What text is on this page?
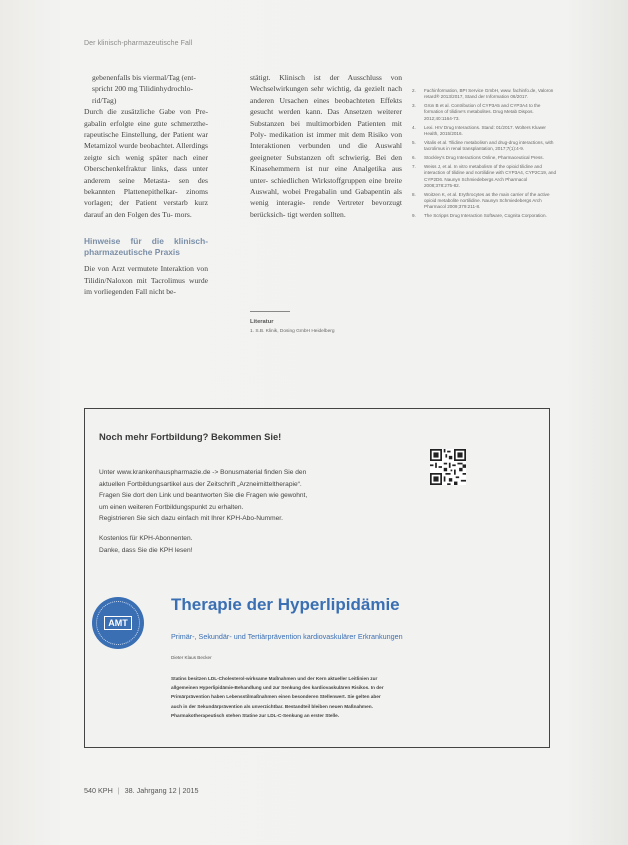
Der klinisch-pharmazeutische Fall

gebenenfalls bis viermal/Tag (ent-

spricht 200 mg Tilidinhydrochlo-

rid/Tag)

Durch die zusätzliche Gabe von Pre- gabalin erfolgte eine gute schmerzthe- rapeutische Einstellung, der Patient war Metamizol wurde beobachtet. Allerdings zeigte sich wenig später nach einer Oberschenkelfraktur links, dass unter anderem seine Metasta- sen des bekannten Plattenepithelkar- zinoms vorlagen; der Patient verstarb kurz darauf an den Folgen des Tu- mors.

Hinweise für die klinisch-pharmazeutische Praxis

Die von Arzt vermutete Interaktion von Tilidin/Naloxon mit Tacrolimus wurde im vorliegenden Fall nicht be-

stätigt. Klinisch ist der Ausschluss von Wechselwirkungen sehr wichtig, da gezielt nach anderen Ursachen eines beobachteten Effekts gesucht werden kann. Das Ansetzen weiterer Substanzen bei multimorbiden Patienten mit Poly- medikation ist immer mit dem Risiko von Interaktionen verbunden und die Auswahl geeigneter Substanzen oft schwierig. Bei den Kinasehemmern ist nur eine Analgetika aus unter- schiedlichen Wirkstoffgruppen eine breite Auswahl, wobei Pregabalin und Gabapentin als wenig interagie- rende Vertreter bevorzugt berücksich- tigt werden sollten.

Literatur
1. S.B. Klinik, Dosing GmbH Heidelberg
2.	Fachinformation, BPI Service GmbH, www. fachinfo.de, Valoron retard® 2013/2017, Stand der Information 06/2017.
3.	Grün B et al. Contribution of CYP3A5 and CYP3A4 to the formation of tilidine's metabolites. Drug Metab Dispos. 2012;40:1164-73.
4.	Lexi. HIV Drug Interactions. Stand: 01/2017. Wolters Kluwer Health, 2015/2016.
5.	Vitalis et al. Tilidine metabolism and drug-drug interactions, with tacrolimus in renal transplantation, 2017;7(1):4-9.
6.	Stockley's Drug Interactions Online, Pharmaceutical Press.
7.	Weiss J, et al. In vitro metabolism of the opioid tilidine and interaction of tilidine and nortilidine with CYP3A4, CYP2C19, and CYP2D6. Naunyn Schmiedebergs Arch Pharmacol 2008;378:275-82.
8.	Woitzen K, et al. Erythrocytes as the main carrier of the active opioid metabolite nortilidine. Naunyn Schmiedebergs Arch Pharmacol 2009;379:211-8.
9.	The Scripps Drug Interaction Software, Cognita Corporation.
Noch mehr Fortbildung? Bekommen Sie!

Unter www.krankenhauspharmazie.de -> Bonusmaterial finden Sie den

aktuellen Fortbildungsartikel aus der Zeitschrift „Arzneimitteltherapie“.

Fragen Sie dort den Link und beantworten Sie die Fragen wie gewohnt,

um einen weiteren Fortbildungspunkt zu erhalten.

Registrieren Sie sich dazu einfach mit Ihrer KPH-Abo-Nummer.

Kostenlos für KPH-Abonnenten.

Danke, dass Sie die KPH lesen!

AMT
Therapie der Hyperlipidämie
Primär-, Sekundär- und Tertiärprävention kardiovaskulärer Erkrankungen
Dieter Klaus Becker
Statins besitzen LDL-Cholesterol-wirksame Maßnahmen und der Kern aktueller Leitlinien zur
allgemeinen Hyperlipidämie-Behandlung und zur Senkung des kardiovaskulären Risikos. In der
Primärprävention haben Lebensstilmaßnahmen einen besonderen Stellenwert. Sie gelten aber
auch in der Sekundärprävention als unverzichtbar. Bestandteil bleiben neuen Maßnahmen.
Pharmakotherapeutisch stehen Statine zur LDL-C-Senkung an erster Stelle.
540 KPH | 38. Jahrgang 12 | 2015
